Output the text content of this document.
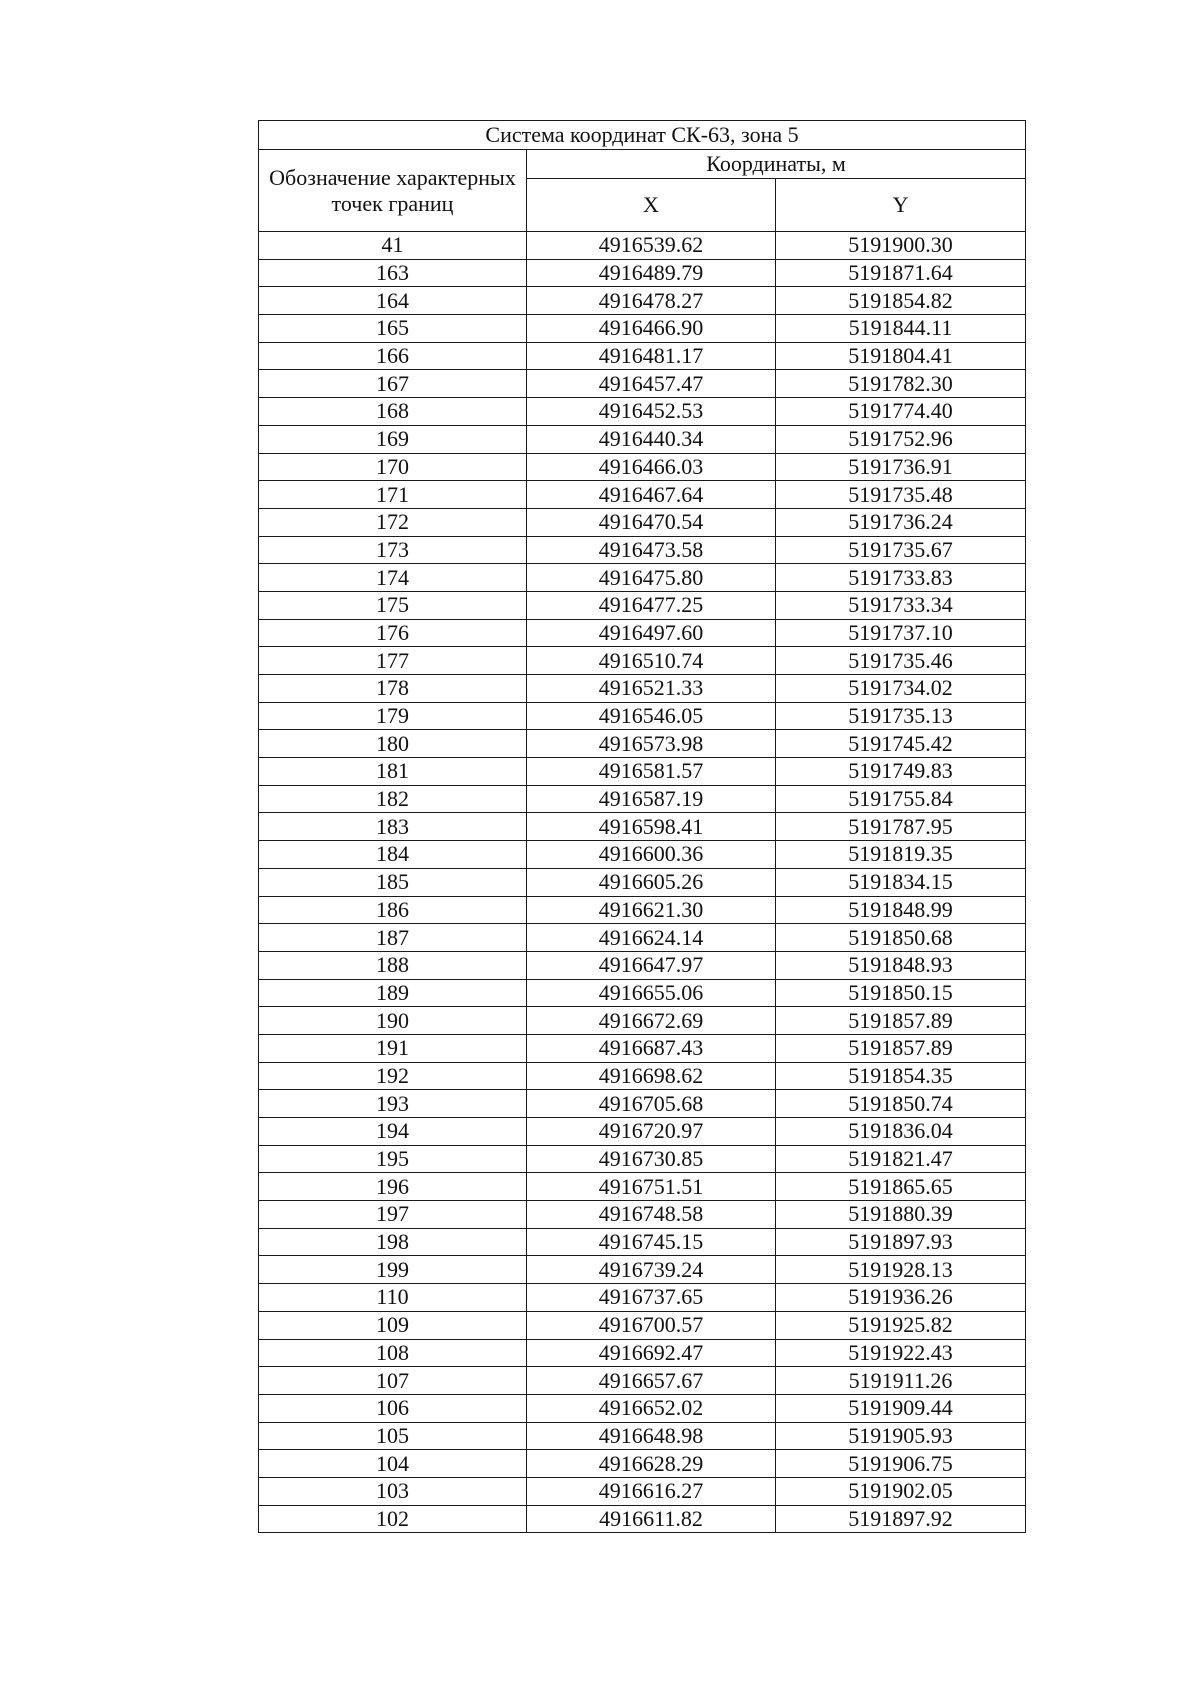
Система координат СК-63, зона 5		
Обозначение характерных точек границ	Координаты, м	
	X	Y
41	4916539.62	5191900.30
163	4916489.79	5191871.64
164	4916478.27	5191854.82
165	4916466.90	5191844.11
166	4916481.17	5191804.41
167	4916457.47	5191782.30
168	4916452.53	5191774.40
169	4916440.34	5191752.96
170	4916466.03	5191736.91
171	4916467.64	5191735.48
172	4916470.54	5191736.24
173	4916473.58	5191735.67
174	4916475.80	5191733.83
175	4916477.25	5191733.34
176	4916497.60	5191737.10
177	4916510.74	5191735.46
178	4916521.33	5191734.02
179	4916546.05	5191735.13
180	4916573.98	5191745.42
181	4916581.57	5191749.83
182	4916587.19	5191755.84
183	4916598.41	5191787.95
184	4916600.36	5191819.35
185	4916605.26	5191834.15
186	4916621.30	5191848.99
187	4916624.14	5191850.68
188	4916647.97	5191848.93
189	4916655.06	5191850.15
190	4916672.69	5191857.89
191	4916687.43	5191857.89
192	4916698.62	5191854.35
193	4916705.68	5191850.74
194	4916720.97	5191836.04
195	4916730.85	5191821.47
196	4916751.51	5191865.65
197	4916748.58	5191880.39
198	4916745.15	5191897.93
199	4916739.24	5191928.13
110	4916737.65	5191936.26
109	4916700.57	5191925.82
108	4916692.47	5191922.43
107	4916657.67	5191911.26
106	4916652.02	5191909.44
105	4916648.98	5191905.93
104	4916628.29	5191906.75
103	4916616.27	5191902.05
102	4916611.82	5191897.92
